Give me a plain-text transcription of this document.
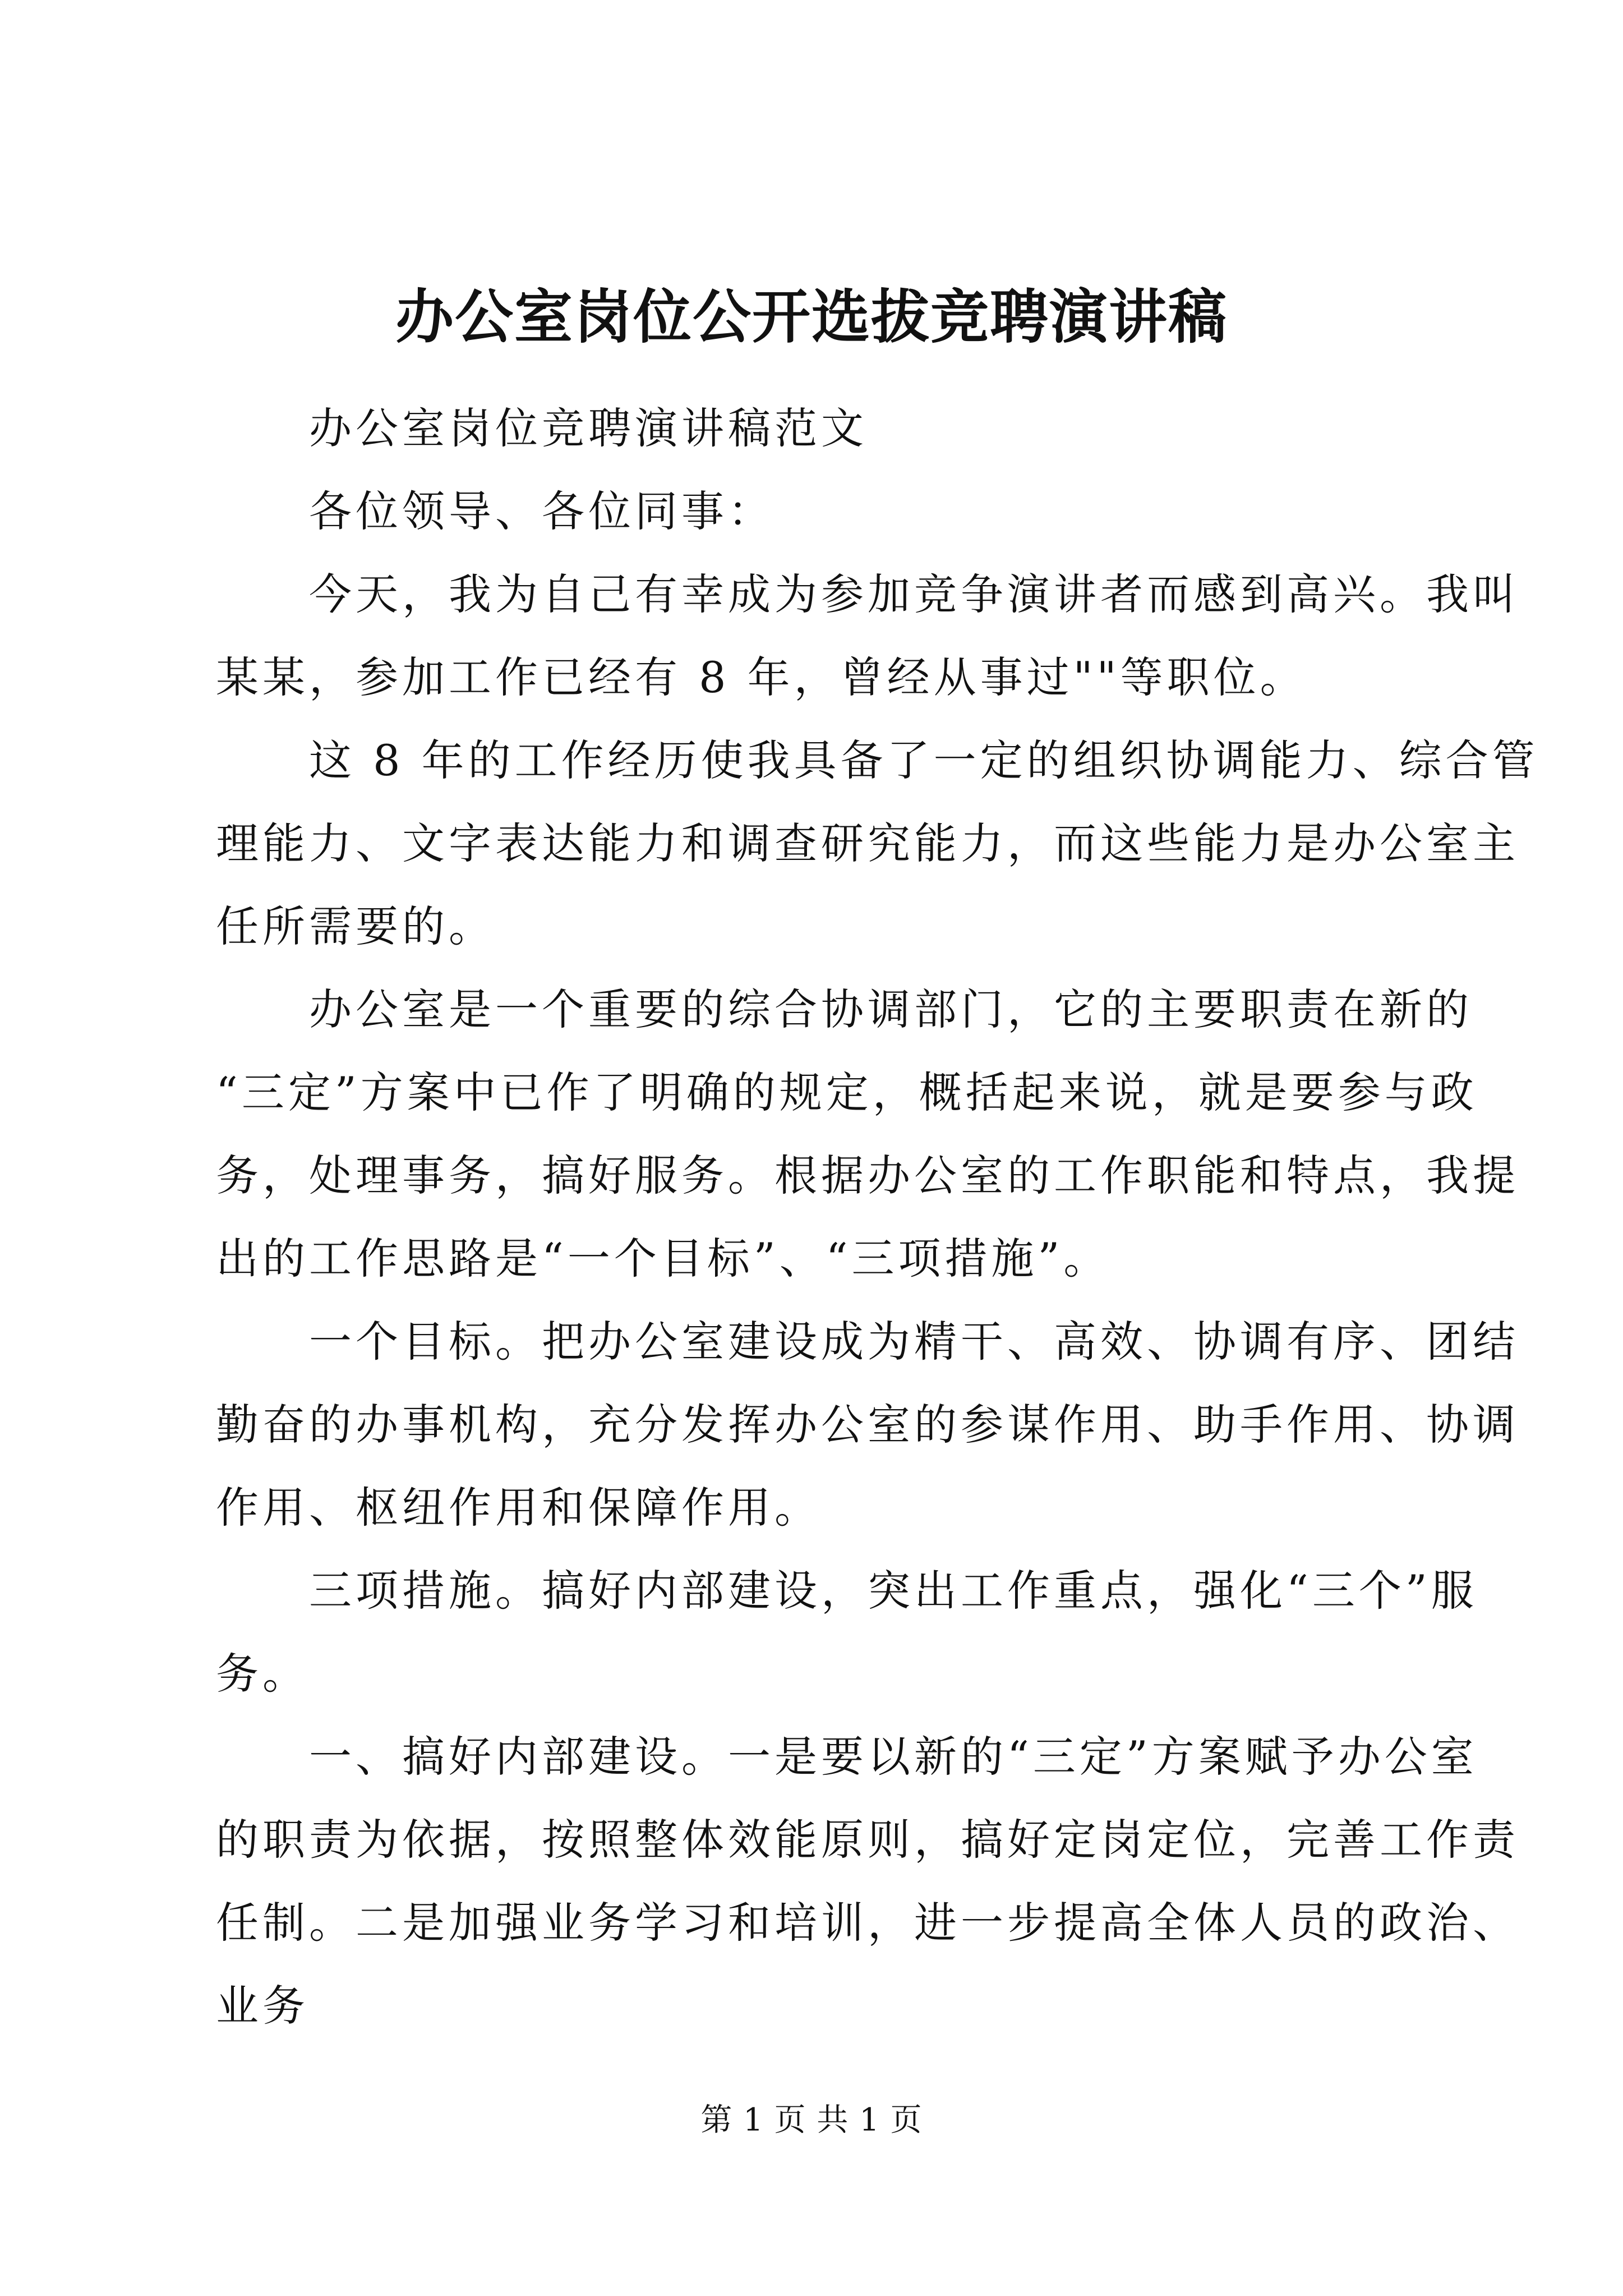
办公室岗位公开选拔竞聘演讲稿

　　办公室岗位竞聘演讲稿范文

　　各位领导、各位同事：

　　今天，我为自己有幸成为参加竞争演讲者而感到高兴。我叫
某某，参加工作已经有 8 年，曾经从事过""等职位。

　　这 8 年的工作经历使我具备了一定的组织协调能力、综合管
理能力、文字表达能力和调查研究能力，而这些能力是办公室主
任所需要的。

　　办公室是一个重要的综合协调部门，它的主要职责在新的
“三定”方案中已作了明确的规定，概括起来说，就是要参与政
务，处理事务，搞好服务。根据办公室的工作职能和特点，我提
出的工作思路是“一个目标”、“三项措施”。

　　一个目标。把办公室建设成为精干、高效、协调有序、团结
勤奋的办事机构，充分发挥办公室的参谋作用、助手作用、协调
作用、枢纽作用和保障作用。

　　三项措施。搞好内部建设，突出工作重点，强化“三个”服
务。

　　一、搞好内部建设。一是要以新的“三定”方案赋予办公室
的职责为依据，按照整体效能原则，搞好定岗定位，完善工作责
任制。二是加强业务学习和培训，进一步提高全体人员的政治、
业务

第 1 页 共 1 页
